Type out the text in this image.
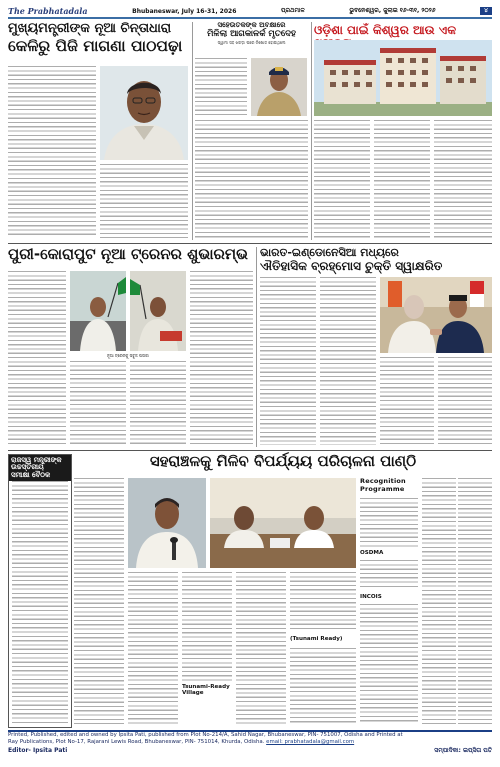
The Prabhatadala	Bhubaneswar, July 16-31, 2026	ପ୍ରଥମାଳ	ଭୁବନେଶ୍ୱର, ଜୁଲାଇ ୧୬-୩୧, ୨୦୨୬	୪
ମୁଖ୍ୟମନ୍ତ୍ରୀଙ୍କ ନୂଆ ଚିନ୍ତାଧାରା
କେଳିରୁ ପିଜି ମାଗଣା ପାଠପଢ଼ା
ସହେଉତକଙ୍କ ଅବକ୍ଷାରେ
ମିଳିଲା ଆଗକାଳର୍କ ମୃତଦେହ
ସ୍ୱାମୀ ସହ ଝଗଡ଼ା ପରେ ନିଖୋଜ ହୋଇଥିଲେ
ଓଡ଼ିଶା ପାଇଁ କିଶ୍ୱର ଆଉ ଏକ
ପୁରୀ-କୋରାପୁଟ ନୂଆ ଟ୍ରେନର ଶୁଭାରମ୍ଭ
ନୂଆ ଟ୍ରେନକୁ ସବୁଜ ପତାକା
ଭାରତ-ଇଣ୍ଡୋନେସିଆ ମଧ୍ୟରେ
ଐତିହାସିକ ବ୍ରହ୍ମୋସ ଚୁକ୍ତି ସ୍ୱାକ୍ଷରିତ
ରାଜସ୍ୱ ମନ୍ତ୍ରୀଙ୍କ ଉଚ୍ଚସ୍ତରୀୟ
ସମୀକ୍ଷା ବୈଠକ
ସହରାଞ୍ଚଳକୁ ମିଳିବ ବିପର୍ଯ୍ୟୟ ପରିଚାଳନା ପାଣ୍ଠି
Tsunami-Ready Village
(Tsunami Ready)
Recognition Programme
OSDMA
INCOIS
Printed, Published, edited and owned by Ipsita Pati, published from Plot No-214/A, Sahid Nagar, Bhubaneswar, PIN- 751007, Odisha and Printed at
Ray Publications, Plot No-17, Rajarani Lewis Road, Bhubaneswar, PIN- 751014, Khurda, Odisha. email: prabhatadala@gmail.com
Editor- Ipsita Pati	ସମ୍ପାଦିକା: ଇପ୍‌ସିତା ପତି
